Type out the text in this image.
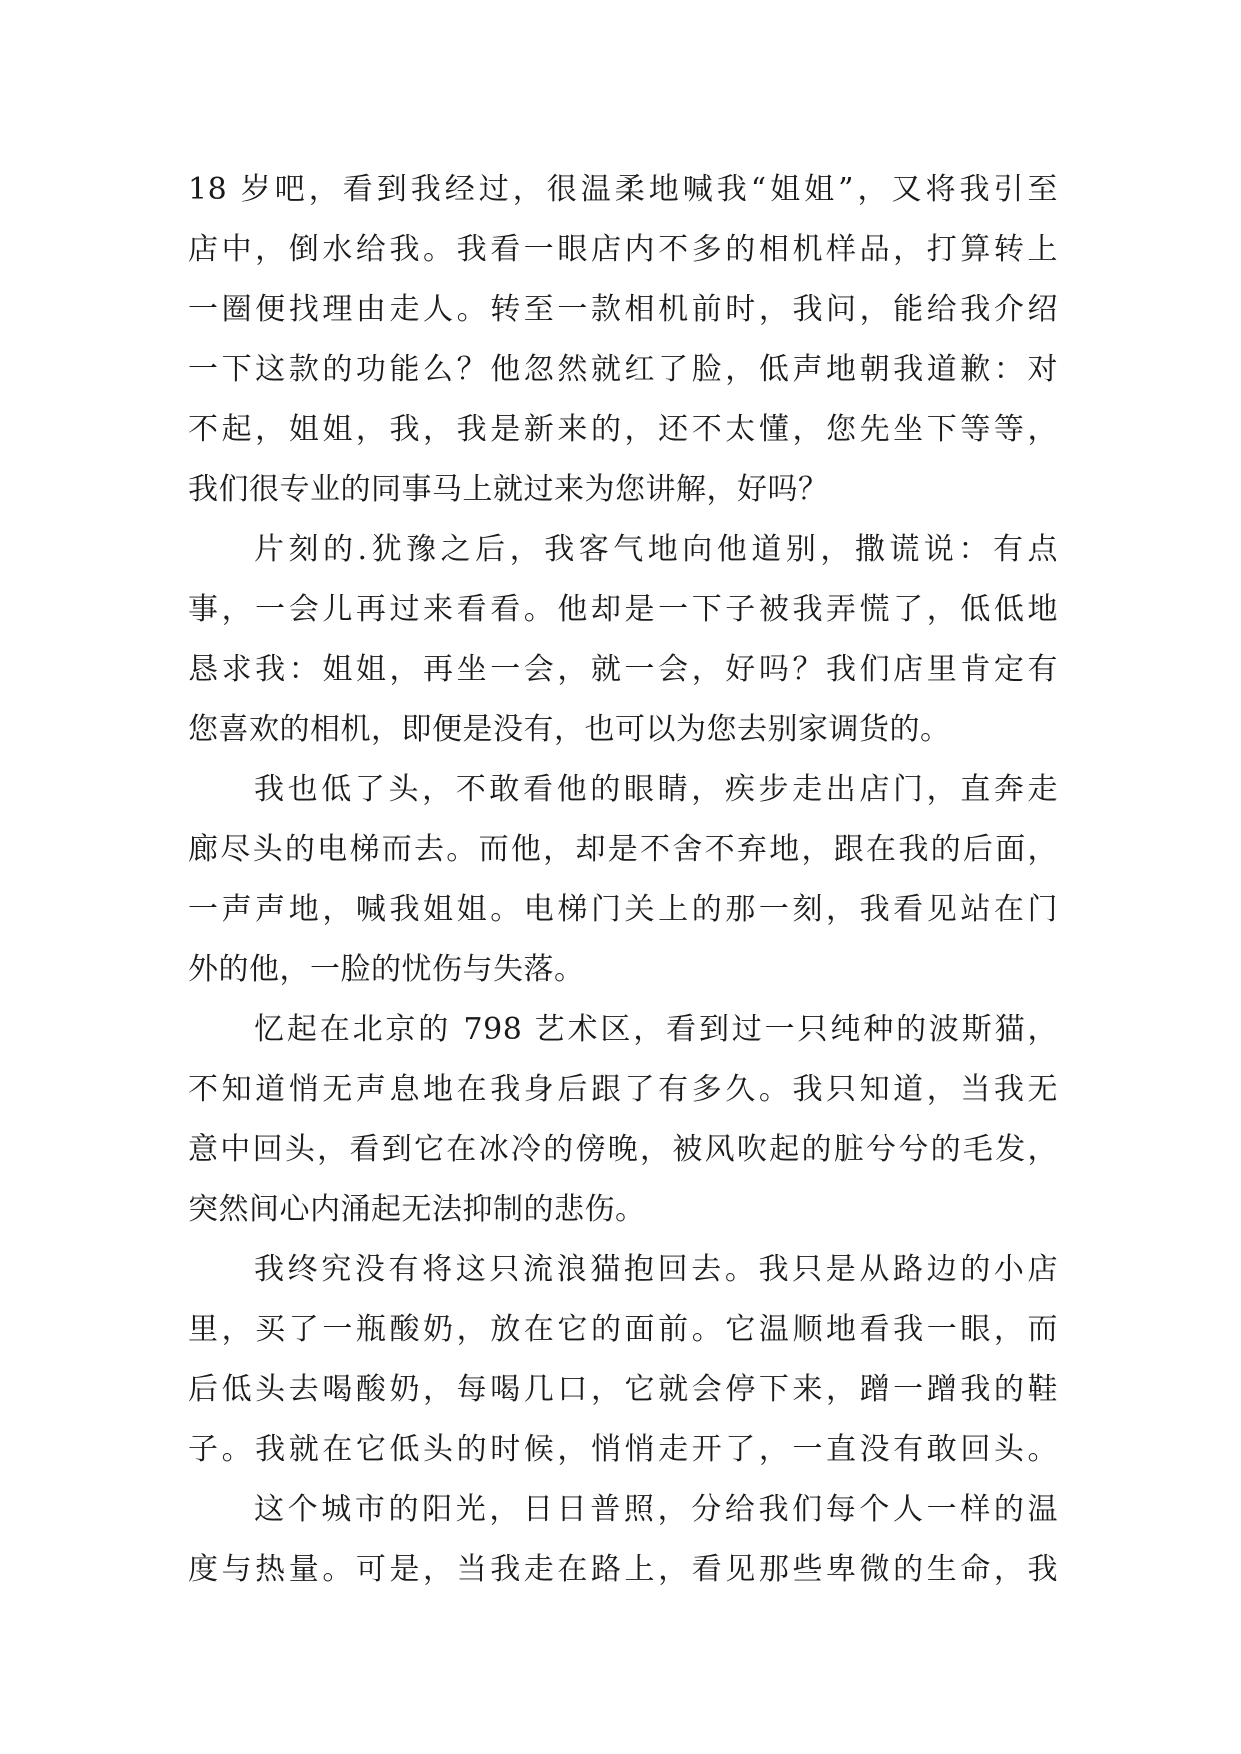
18 岁吧，看到我经过，很温柔地喊我“姐姐”，又将我引至
店中，倒水给我。我看一眼店内不多的相机样品，打算转上
一圈便找理由走人。转至一款相机前时，我问，能给我介绍
一下这款的功能么？他忽然就红了脸，低声地朝我道歉：对
不起，姐姐，我，我是新来的，还不太懂，您先坐下等等，
我们很专业的同事马上就过来为您讲解，好吗？
片刻的.犹豫之后，我客气地向他道别，撒谎说：有点
事，一会儿再过来看看。他却是一下子被我弄慌了，低低地
恳求我：姐姐，再坐一会，就一会，好吗？我们店里肯定有
您喜欢的相机，即便是没有，也可以为您去别家调货的。
我也低了头，不敢看他的眼睛，疾步走出店门，直奔走
廊尽头的电梯而去。而他，却是不舍不弃地，跟在我的后面，
一声声地，喊我姐姐。电梯门关上的那一刻，我看见站在门
外的他，一脸的忧伤与失落。
忆起在北京的 798 艺术区，看到过一只纯种的波斯猫，
不知道悄无声息地在我身后跟了有多久。我只知道，当我无
意中回头，看到它在冰冷的傍晚，被风吹起的脏兮兮的毛发，
突然间心内涌起无法抑制的悲伤。
我终究没有将这只流浪猫抱回去。我只是从路边的小店
里，买了一瓶酸奶，放在它的面前。它温顺地看我一眼，而
后低头去喝酸奶，每喝几口，它就会停下来，蹭一蹭我的鞋
子。我就在它低头的时候，悄悄走开了，一直没有敢回头。
这个城市的阳光，日日普照，分给我们每个人一样的温
度与热量。可是，当我走在路上，看见那些卑微的生命，我
